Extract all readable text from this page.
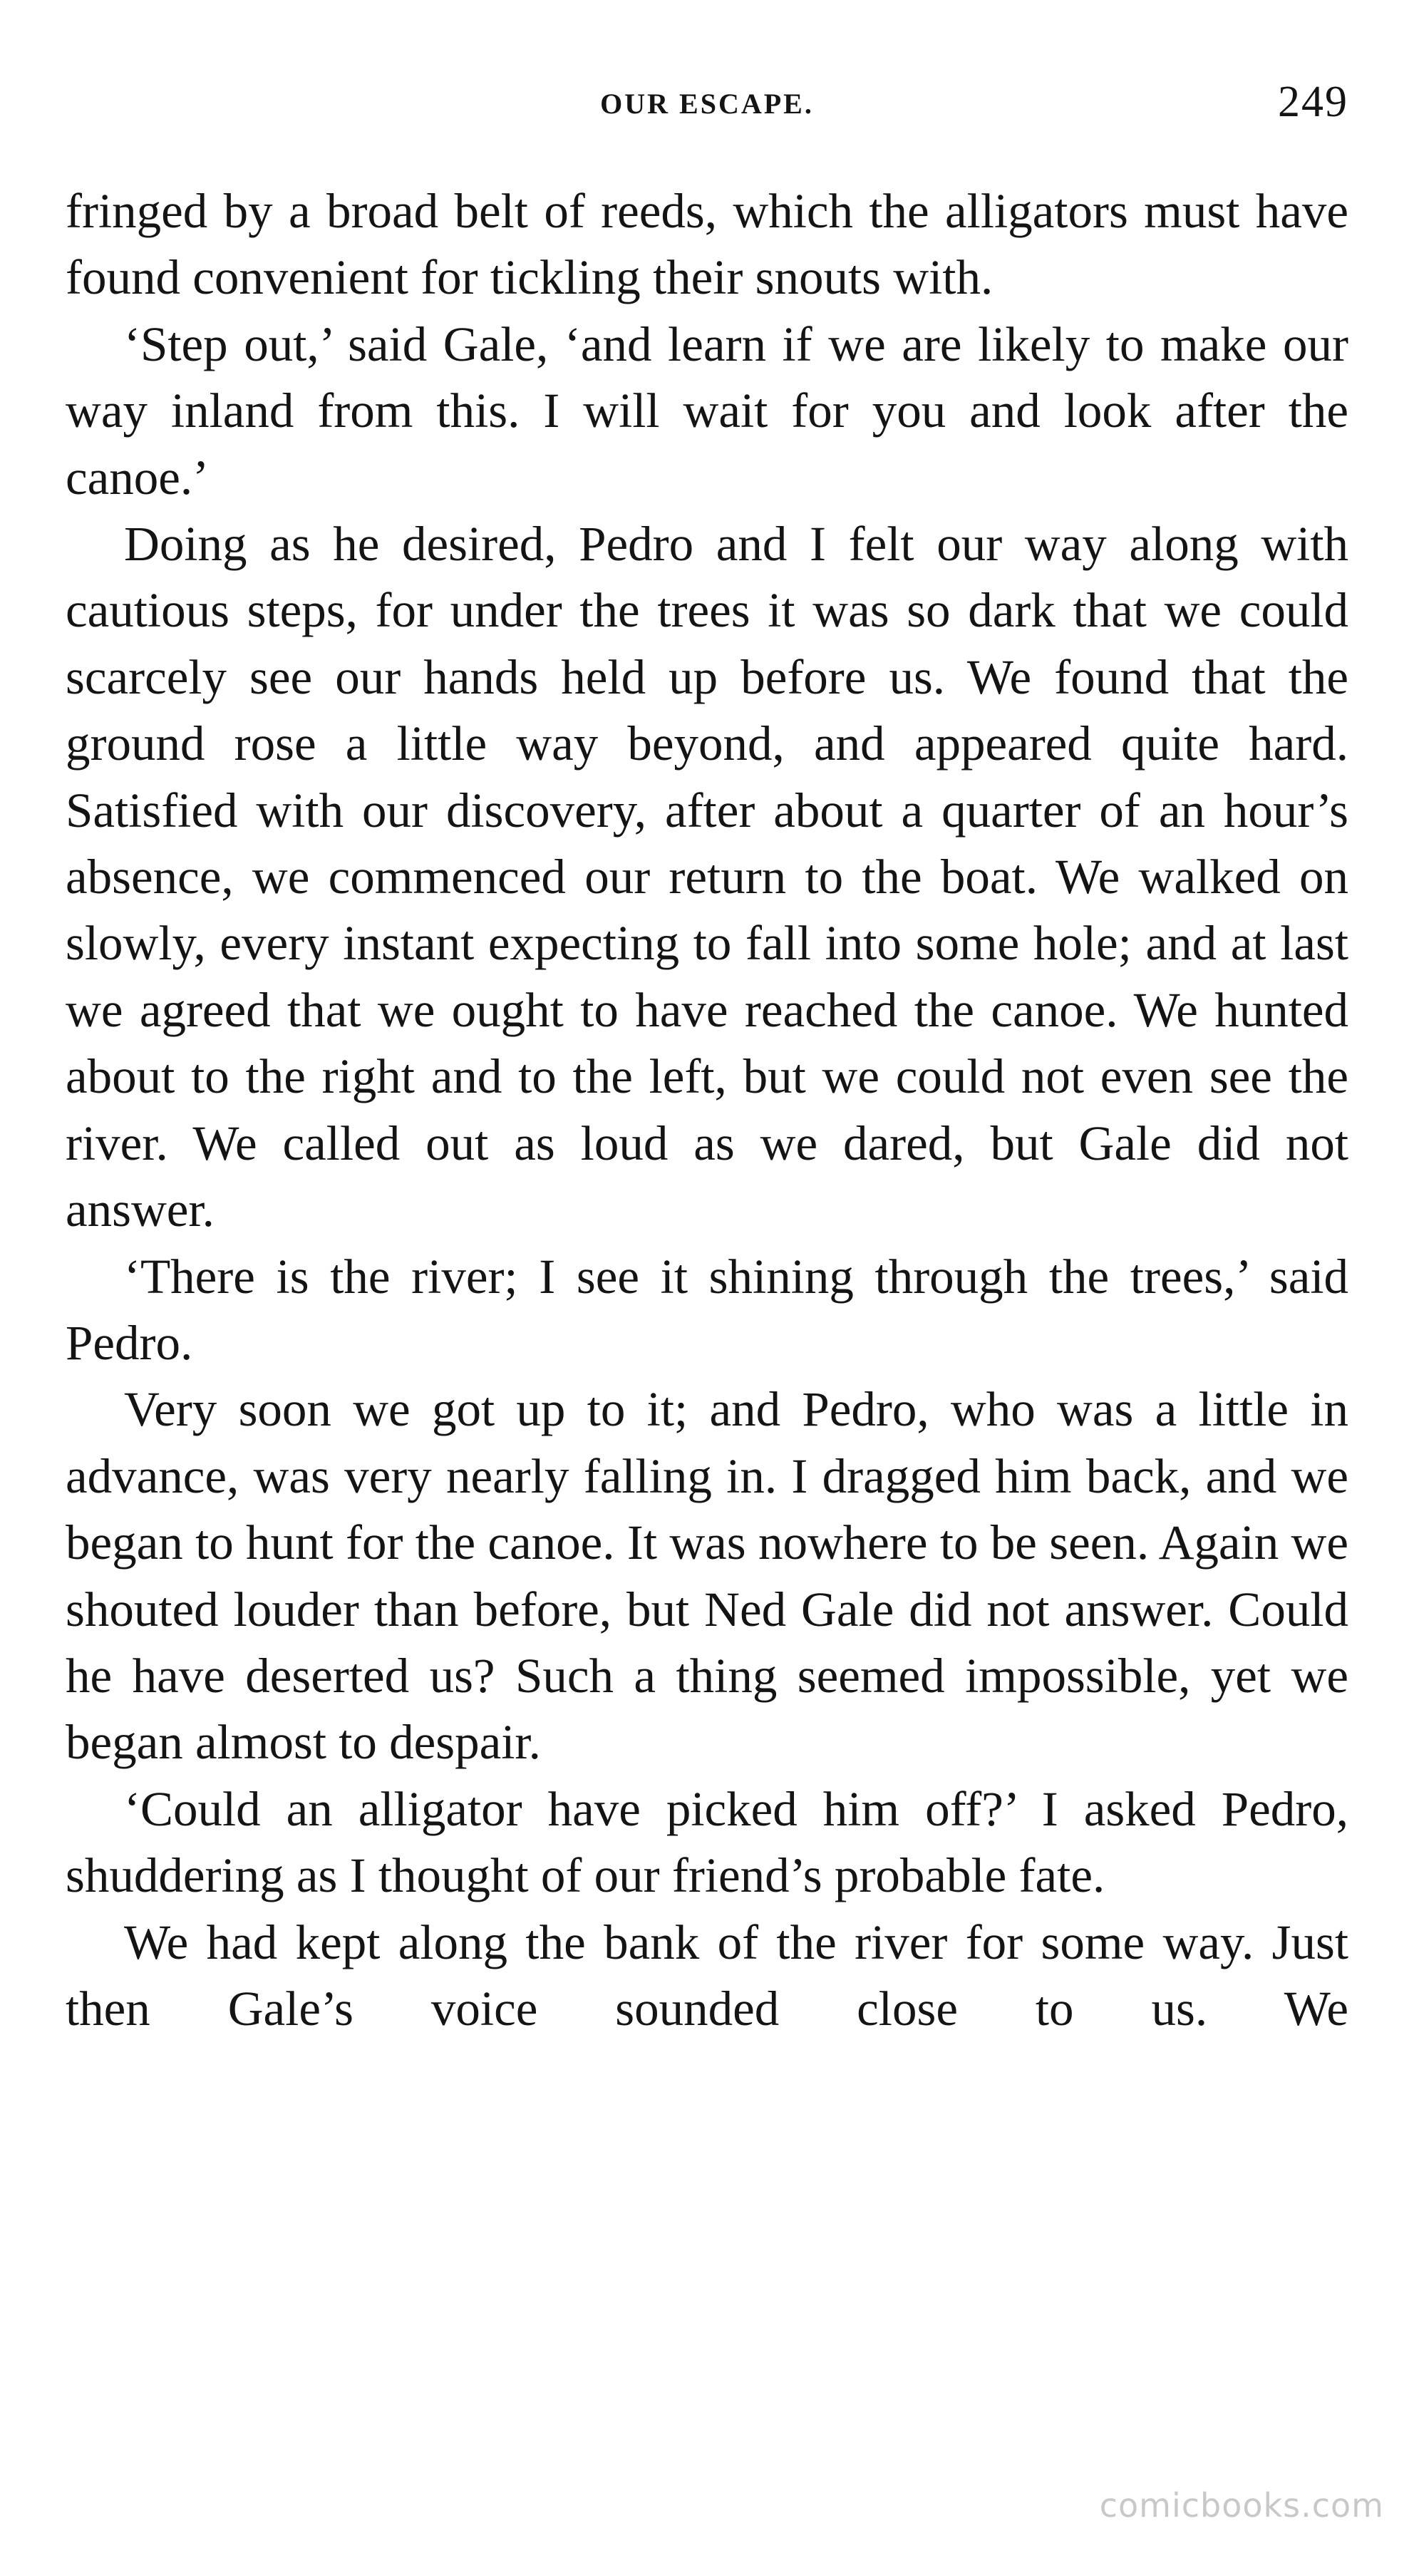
OUR ESCAPE.	249

fringed by a broad belt of reeds, which the alligators must have found convenient for tickling their snouts with.

‘Step out,’ said Gale, ‘and learn if we are likely to make our way inland from this. I will wait for you and look after the canoe.’

Doing as he desired, Pedro and I felt our way along with cautious steps, for under the trees it was so dark that we could scarcely see our hands held up before us. We found that the ground rose a little way beyond, and appeared quite hard. Satisfied with our discovery, after about a quarter of an hour’s absence, we commenced our return to the boat. We walked on slowly, every instant expecting to fall into some hole; and at last we agreed that we ought to have reached the canoe. We hunted about to the right and to the left, but we could not even see the river. We called out as loud as we dared, but Gale did not answer.

‘There is the river; I see it shining through the trees,’ said Pedro.

Very soon we got up to it; and Pedro, who was a little in advance, was very nearly falling in. I dragged him back, and we began to hunt for the canoe. It was nowhere to be seen. Again we shouted louder than before, but Ned Gale did not answer. Could he have deserted us? Such a thing seemed impossible, yet we began almost to despair.

‘Could an alligator have picked him off?’ I asked Pedro, shuddering as I thought of our friend’s probable fate.

We had kept along the bank of the river for some way. Just then Gale’s voice sounded close to us. We

comicbooks.com
